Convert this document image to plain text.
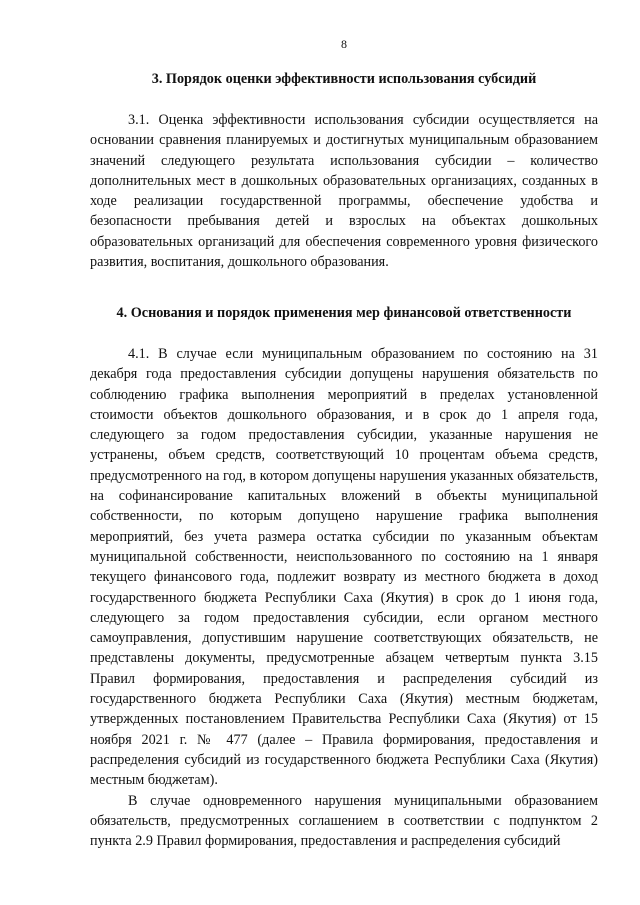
8
3. Порядок оценки эффективности использования субсидий

3.1. Оценка эффективности использования субсидии осуществляется на основании сравнения планируемых и достигнутых муниципальным образованием значений следующего результата использования субсидии – количество дополнительных мест в дошкольных образовательных организациях, созданных в ходе реализации государственной программы, обеспечение удобства и безопасности пребывания детей и взрослых на объектах дошкольных образовательных организаций для обеспечения современного уровня физического развития, воспитания, дошкольного образования.

4. Основания и порядок применения мер финансовой ответственности

4.1. В случае если муниципальным образованием по состоянию на 31 декабря года предоставления субсидии допущены нарушения обязательств по соблюдению графика выполнения мероприятий в пределах установленной стоимости объектов дошкольного образования, и в срок до 1 апреля года, следующего за годом предоставления субсидии, указанные нарушения не устранены, объем средств, соответствующий 10 процентам объема средств, предусмотренного на год, в котором допущены нарушения указанных обязательств, на софинансирование капитальных вложений в объекты муниципальной собственности, по которым допущено нарушение графика выполнения мероприятий, без учета размера остатка субсидии по указанным объектам муниципальной собственности, неиспользованного по состоянию на 1 января текущего финансового года, подлежит возврату из местного бюджета в доход государственного бюджета Республики Саха (Якутия) в срок до 1 июня года, следующего за годом предоставления субсидии, если органом местного самоуправления, допустившим нарушение соответствующих обязательств, не представлены документы, предусмотренные абзацем четвертым пункта 3.15 Правил формирования, предоставления и распределения субсидий из государственного бюджета Республики Саха (Якутия) местным бюджетам, утвержденных постановлением Правительства Республики Саха (Якутия) от 15 ноября 2021 г. № 477 (далее – Правила формирования, предоставления и распределения субсидий из государственного бюджета Республики Саха (Якутия) местным бюджетам).

В случае одновременного нарушения муниципальными образованием обязательств, предусмотренных соглашением в соответствии с подпунктом 2 пункта 2.9 Правил формирования, предоставления и распределения субсидий
